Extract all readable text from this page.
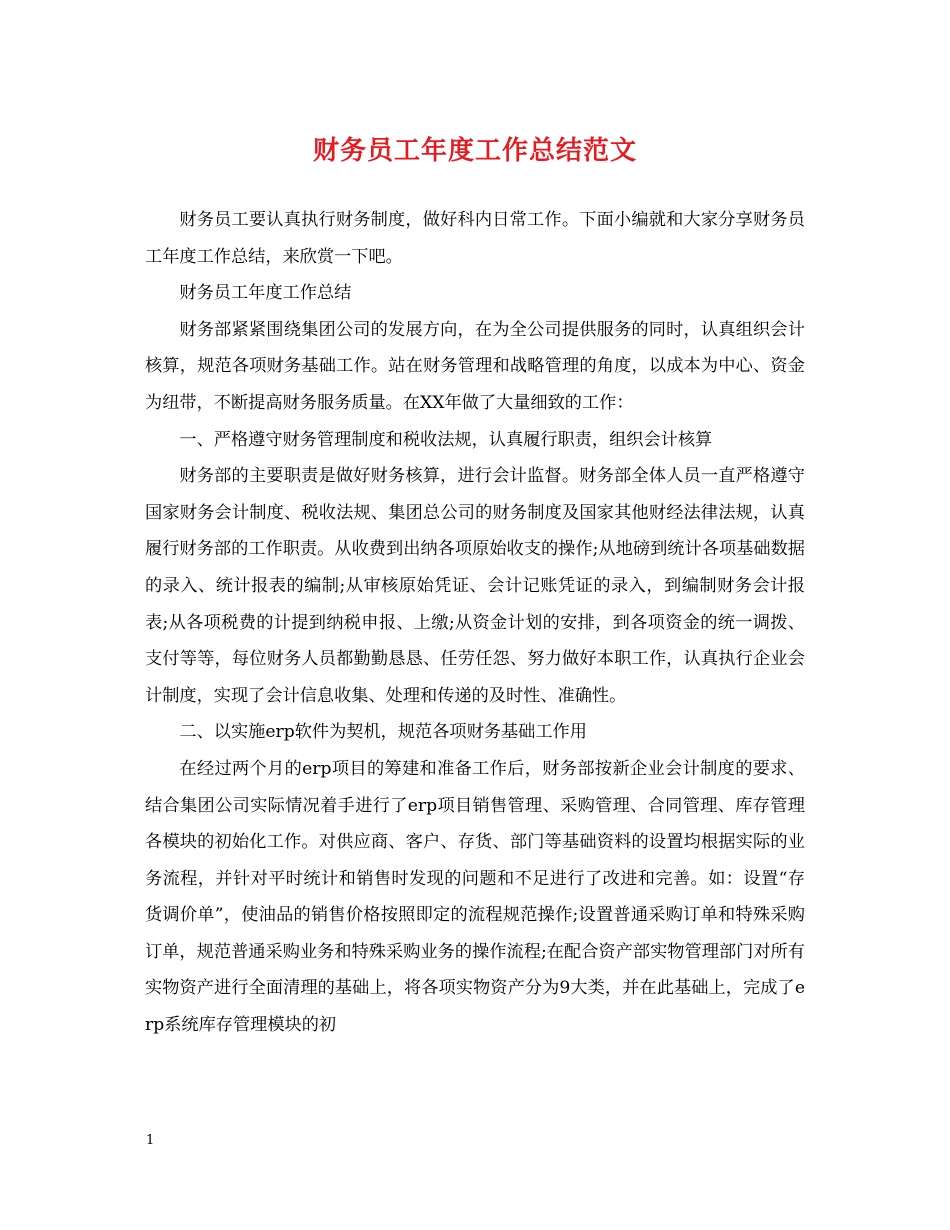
财务员工年度工作总结范文

财务员工要认真执行财务制度，做好科内日常工作。下面小编就和大家分享财务员工年度工作总结，来欣赏一下吧。

财务员工年度工作总结

财务部紧紧围绕集团公司的发展方向，在为全公司提供服务的同时，认真组织会计核算，规范各项财务基础工作。站在财务管理和战略管理的角度，以成本为中心、资金为纽带，不断提高财务服务质量。在XX年做了大量细致的工作：

一、严格遵守财务管理制度和税收法规，认真履行职责，组织会计核算

财务部的主要职责是做好财务核算，进行会计监督。财务部全体人员一直严格遵守国家财务会计制度、税收法规、集团总公司的财务制度及国家其他财经法律法规，认真履行财务部的工作职责。从收费到出纳各项原始收支的操作;从地磅到统计各项基础数据的录入、统计报表的编制;从审核原始凭证、会计记账凭证的录入，到编制财务会计报表;从各项税费的计提到纳税申报、上缴;从资金计划的安排，到各项资金的统一调拨、支付等等，每位财务人员都勤勤恳恳、任劳任怨、努力做好本职工作，认真执行企业会计制度，实现了会计信息收集、处理和传递的及时性、准确性。

二、以实施erp软件为契机，规范各项财务基础工作用

在经过两个月的erp项目的筹建和准备工作后，财务部按新企业会计制度的要求、结合集团公司实际情况着手进行了erp项目销售管理、采购管理、合同管理、库存管理各模块的初始化工作。对供应商、客户、存货、部门等基础资料的设置均根据实际的业务流程，并针对平时统计和销售时发现的问题和不足进行了改进和完善。如：设置“存货调价单”，使油品的销售价格按照即定的流程规范操作;设置普通采购订单和特殊采购订单，规范普通采购业务和特殊采购业务的操作流程;在配合资产部实物管理部门对所有实物资产进行全面清理的基础上，将各项实物资产分为9大类，并在此基础上，完成了erp系统库存管理模块的初

1
